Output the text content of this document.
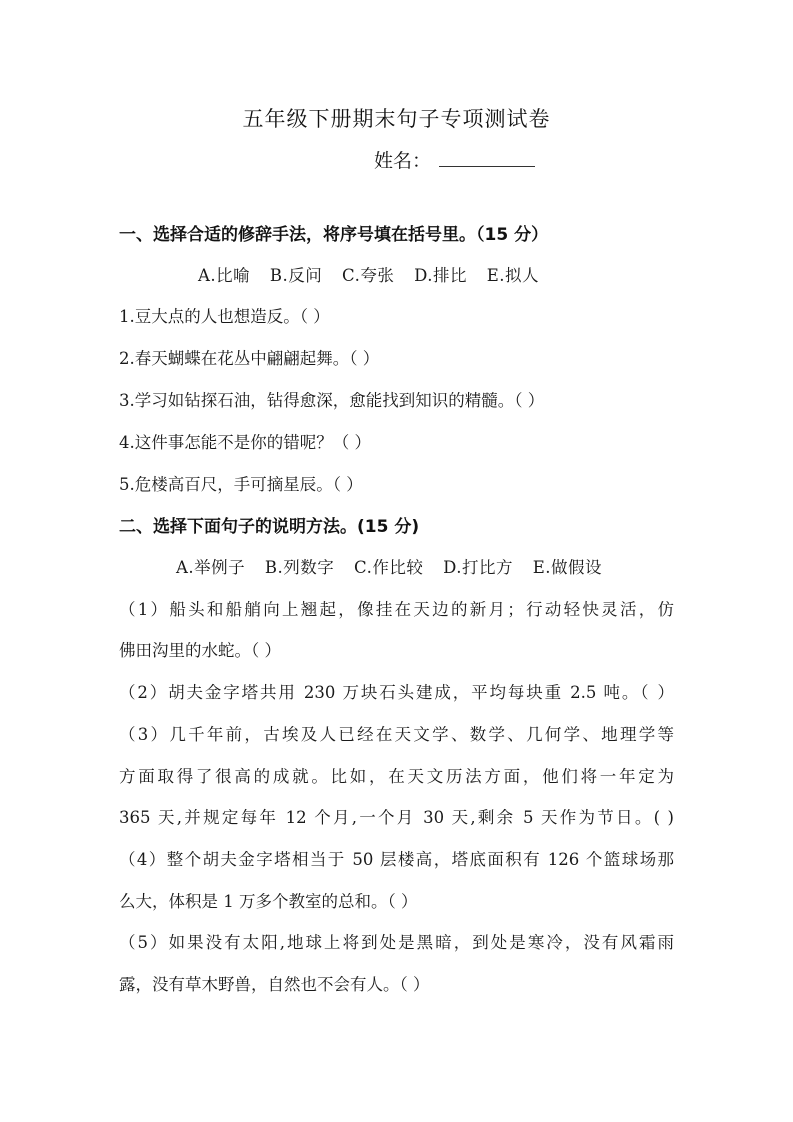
五年级下册期末句子专项测试卷
姓名：
一、选择合适的修辞手法，将序号填在括号里。（15 分）
A.比喻 B.反问 C.夸张 D.排比 E.拟人
1.豆大点的人也想造反。（ ）
2.春天蝴蝶在花丛中翩翩起舞。（ ）
3.学习如钻探石油，钻得愈深，愈能找到知识的精髓。（ ）
4.这件事怎能不是你的错呢？（ ）
5.危楼高百尺，手可摘星辰。（ ）
二、选择下面句子的说明方法。(15 分)
A.举例子 B.列数字 C.作比较 D.打比方 E.做假设
（1）船头和船艄向上翘起，像挂在天边的新月；行动轻快灵活，仿
佛田沟里的水蛇。（ ）
（2）胡夫金字塔共用 230 万块石头建成，平均每块重 2.5 吨。（ ）
（3）几千年前，古埃及人已经在天文学、数学、几何学、地理学等
方面取得了很高的成就。比如，在天文历法方面，他们将一年定为
365 天,并规定每年 12 个月,一个月 30 天,剩余 5 天作为节日。( )
（4）整个胡夫金字塔相当于 50 层楼高，塔底面积有 126 个篮球场那
么大，体积是 1 万多个教室的总和。（ ）
（5）如果没有太阳,地球上将到处是黑暗，到处是寒冷，没有风霜雨
露，没有草木野兽，自然也不会有人。（ ）
